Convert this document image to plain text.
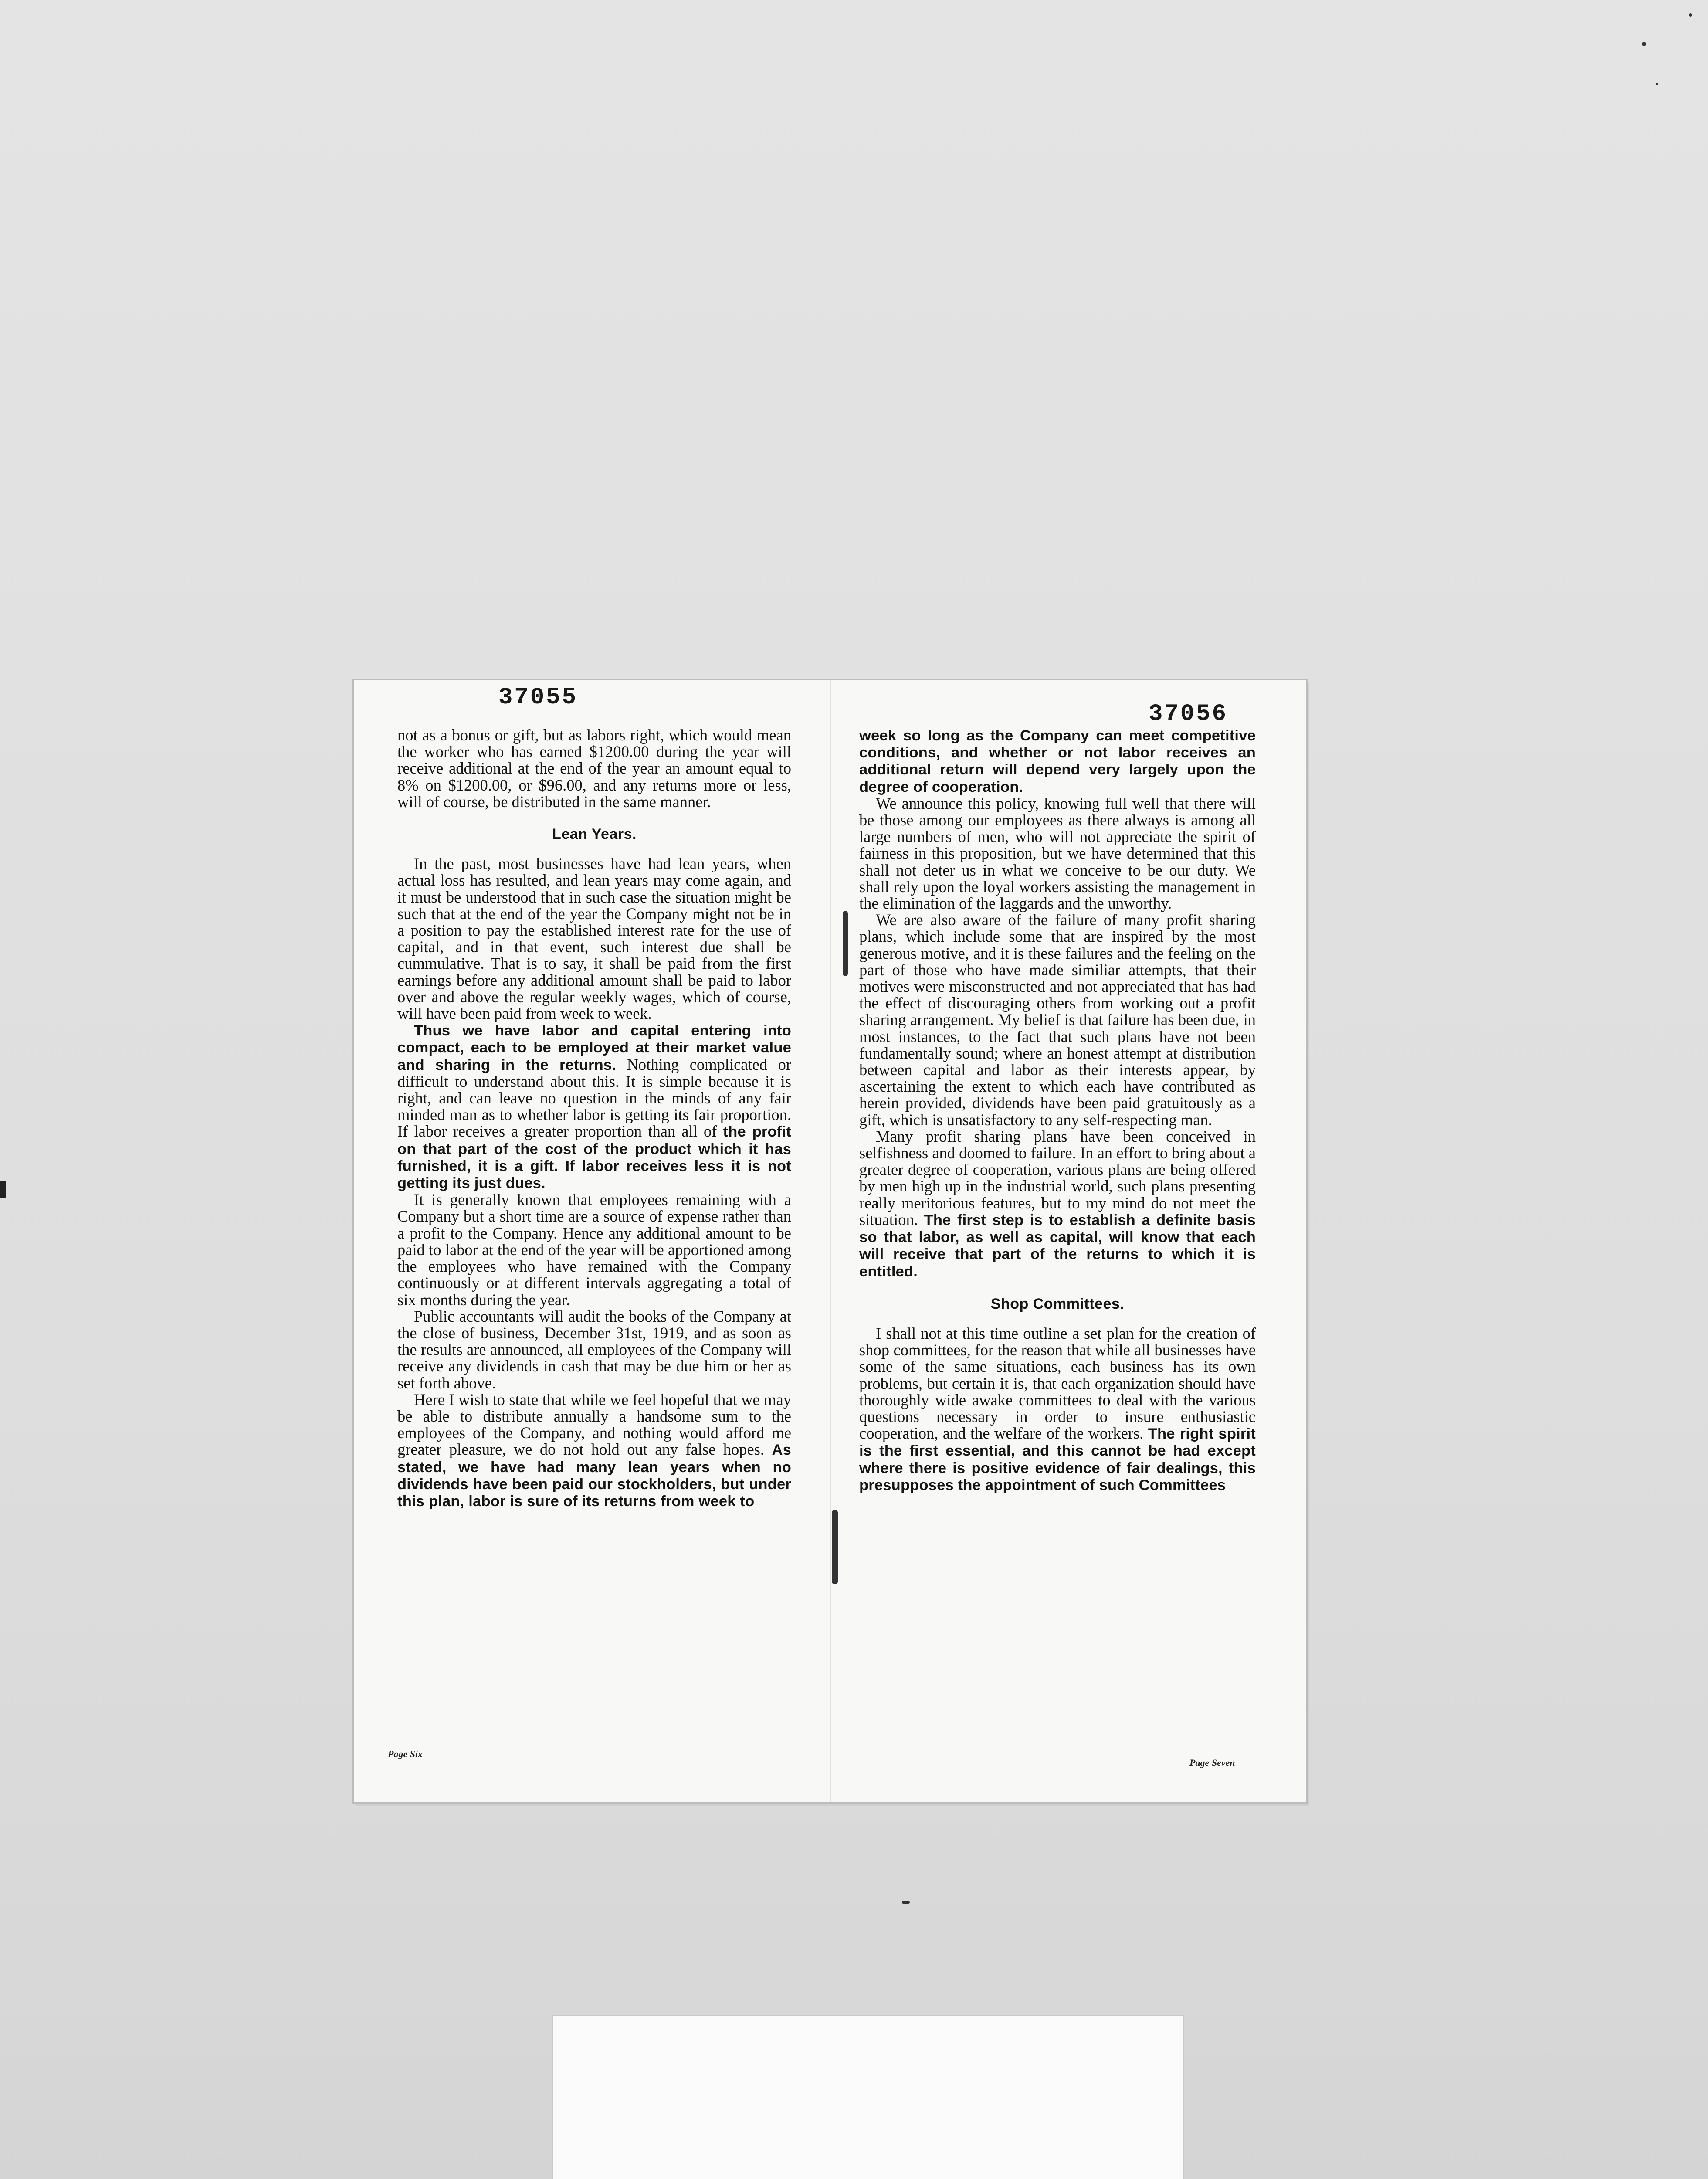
37055

not as a bonus or gift, but as labors right, which would mean the worker who has earned $1200.00 during the year will receive additional at the end of the year an amount equal to 8% on $1200.00, or $96.00, and any returns more or less, will of course, be distributed in the same manner.

Lean Years.

In the past, most businesses have had lean years, when actual loss has resulted, and lean years may come again, and it must be understood that in such case the situation might be such that at the end of the year the Company might not be in a position to pay the established interest rate for the use of capital, and in that event, such interest due shall be cummulative. That is to say, it shall be paid from the first earnings before any additional amount shall be paid to labor over and above the regular weekly wages, which of course, will have been paid from week to week.

Thus we have labor and capital entering into compact, each to be employed at their market value and sharing in the returns. Nothing complicated or difficult to understand about this. It is simple because it is right, and can leave no question in the minds of any fair minded man as to whether labor is getting its fair proportion. If labor receives a greater proportion than all of the profit on that part of the cost of the product which it has furnished, it is a gift. If labor receives less it is not getting its just dues.

It is generally known that employees remaining with a Company but a short time are a source of expense rather than a profit to the Company. Hence any additional amount to be paid to labor at the end of the year will be apportioned among the employees who have remained with the Company continuously or at different intervals aggregating a total of six months during the year.

Public accountants will audit the books of the Company at the close of business, December 31st, 1919, and as soon as the results are announced, all employees of the Company will receive any dividends in cash that may be due him or her as set forth above.

Here I wish to state that while we feel hopeful that we may be able to distribute annually a handsome sum to the employees of the Company, and nothing would afford me greater pleasure, we do not hold out any false hopes. As stated, we have had many lean years when no dividends have been paid our stockholders, but under this plan, labor is sure of its returns from week to

Page Six
37056

week so long as the Company can meet competitive conditions, and whether or not labor receives an additional return will depend very largely upon the degree of cooperation.

We announce this policy, knowing full well that there will be those among our employees as there always is among all large numbers of men, who will not appreciate the spirit of fairness in this proposition, but we have determined that this shall not deter us in what we conceive to be our duty. We shall rely upon the loyal workers assisting the management in the elimination of the laggards and the unworthy.

We are also aware of the failure of many profit sharing plans, which include some that are inspired by the most generous motive, and it is these failures and the feeling on the part of those who have made similiar attempts, that their motives were misconstructed and not appreciated that has had the effect of discouraging others from working out a profit sharing arrangement. My belief is that failure has been due, in most instances, to the fact that such plans have not been fundamentally sound; where an honest attempt at distribution between capital and labor as their interests appear, by ascertaining the extent to which each have contributed as herein provided, dividends have been paid gratuitously as a gift, which is unsatisfactory to any self-respecting man.

Many profit sharing plans have been conceived in selfishness and doomed to failure. In an effort to bring about a greater degree of cooperation, various plans are being offered by men high up in the industrial world, such plans presenting really meritorious features, but to my mind do not meet the situation. The first step is to establish a definite basis so that labor, as well as capital, will know that each will receive that part of the returns to which it is entitled.

Shop Committees.

I shall not at this time outline a set plan for the creation of shop committees, for the reason that while all businesses have some of the same situations, each business has its own problems, but certain it is, that each organization should have thoroughly wide awake committees to deal with the various questions necessary in order to insure enthusiastic cooperation, and the welfare of the workers. The right spirit is the first essential, and this cannot be had except where there is positive evidence of fair dealings, this presupposes the appointment of such Committees

Page Seven
